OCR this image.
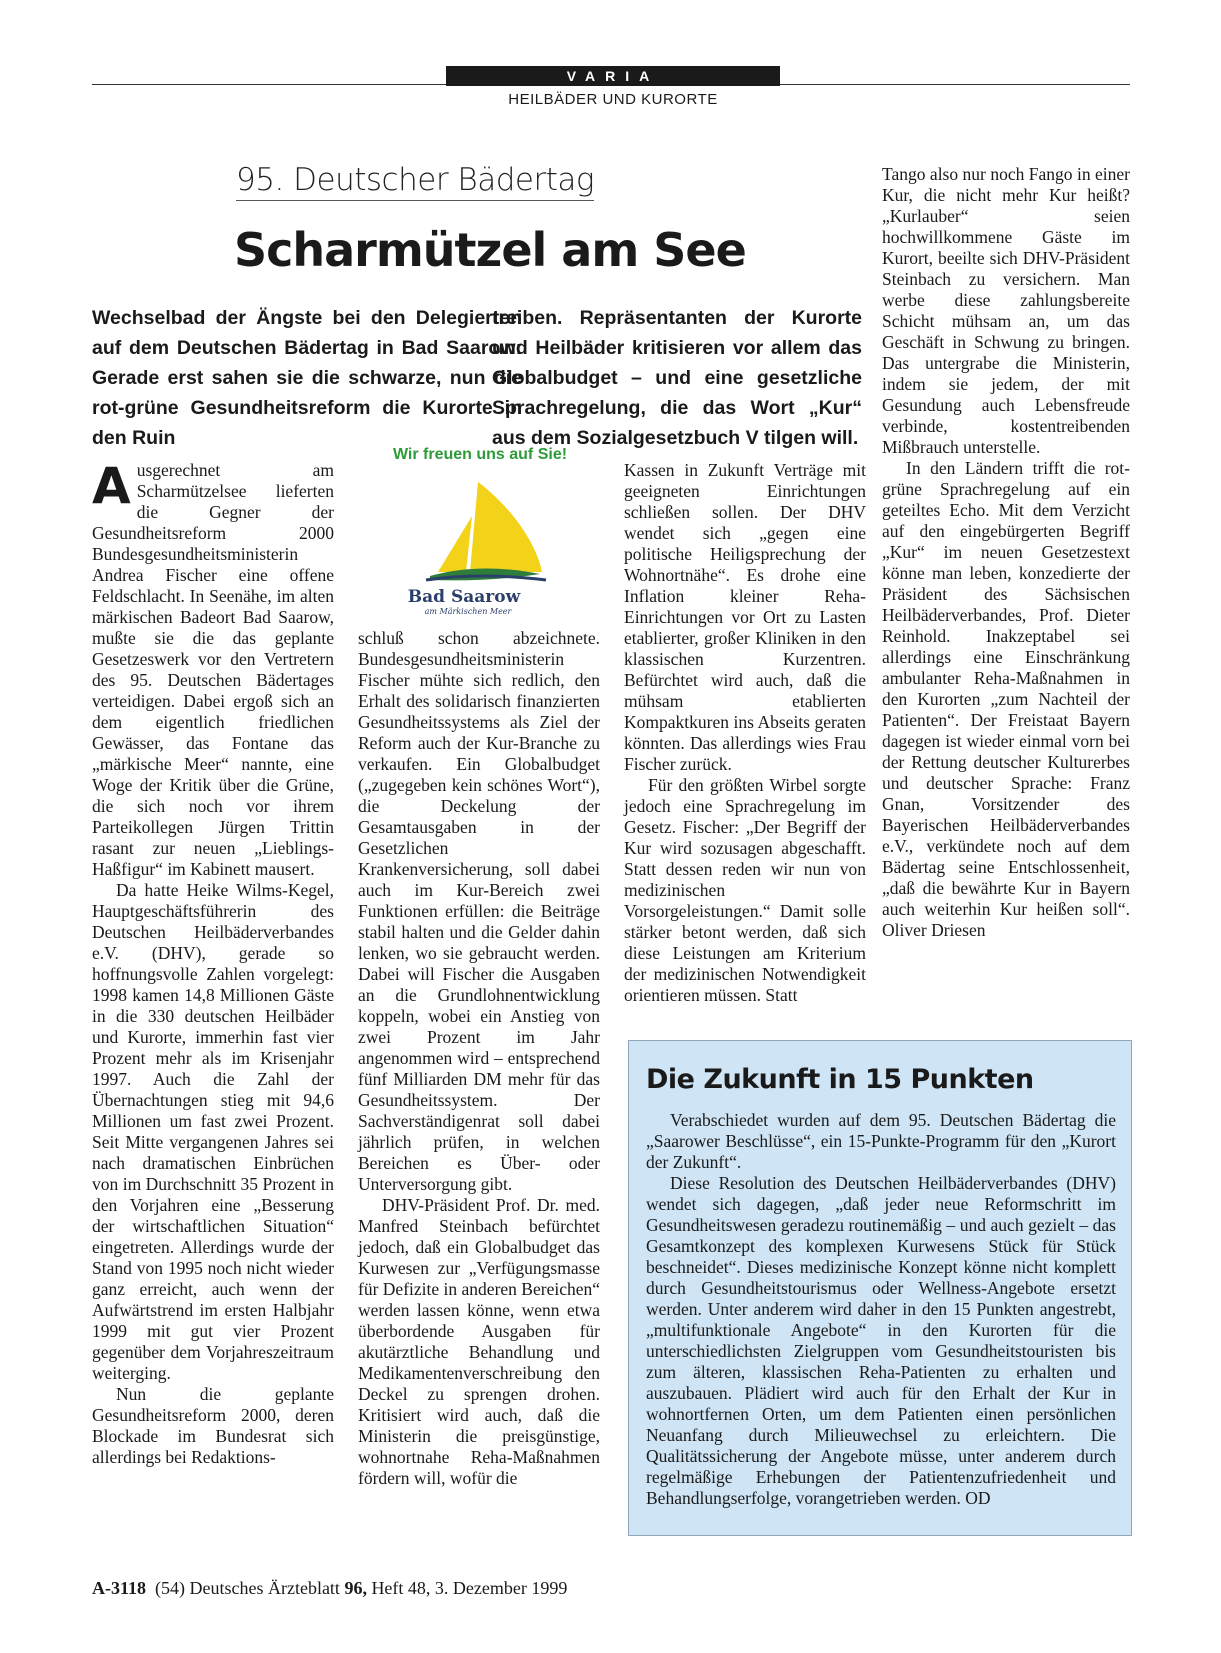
VARIA
HEILBÄDER UND KURORTE
95. Deutscher Bädertag
Scharmützel am See
Wechselbad der Ängste bei den Delegierten auf dem Deutschen Bädertag in Bad Saarow: Gerade erst sahen sie die schwarze, nun die rot-grüne Gesundheitsreform die Kurorte in den Ruin
treiben. Repräsentanten der Kurorte und Heilbäder kritisieren vor allem das Globalbudget – und eine gesetzliche Sprachregelung, die das Wort „Kur“ aus dem Sozialgesetzbuch V tilgen will.

Ausgerechnet am Scharmützelsee lieferten die Gegner der Gesundheitsreform 2000 Bundesgesundheitsministerin Andrea Fischer eine offene Feldschlacht. In Seenähe, im alten märkischen Badeort Bad Saarow, mußte sie die das geplante Gesetzeswerk vor den Vertretern des 95. Deutschen Bädertages verteidigen. Dabei ergoß sich an dem eigentlich friedlichen Gewässer, das Fontane das „märkische Meer“ nannte, eine Woge der Kritik über die Grüne, die sich noch vor ihrem Parteikollegen Jürgen Trittin rasant zur neuen „Lieblings-Haßfigur“ im Kabinett mausert.

Da hatte Heike Wilms-Kegel, Hauptgeschäftsführerin des Deutschen Heilbäderverbandes e.V. (DHV), gerade so hoffnungsvolle Zahlen vorgelegt: 1998 kamen 14,8 Millionen Gäste in die 330 deutschen Heilbäder und Kurorte, immerhin fast vier Prozent mehr als im Krisenjahr 1997. Auch die Zahl der Übernachtungen stieg mit 94,6 Millionen um fast zwei Prozent. Seit Mitte vergangenen Jahres sei nach dramatischen Einbrüchen von im Durchschnitt 35 Prozent in den Vorjahren eine „Besserung der wirtschaftlichen Situation“ eingetreten. Allerdings wurde der Stand von 1995 noch nicht wieder ganz erreicht, auch wenn der Aufwärtstrend im ersten Halbjahr 1999 mit gut vier Prozent gegenüber dem Vorjahreszeitraum weiterging.

Nun die geplante Gesundheitsreform 2000, deren Blockade im Bundesrat sich allerdings bei Redaktions-

Wir freuen uns auf Sie!
Bad Saarow
am Märkischen Meer

schluß schon abzeichnete. Bundesgesundheitsministerin Fischer mühte sich redlich, den Erhalt des solidarisch finanzierten Gesundheitssystems als Ziel der Reform auch der Kur-Branche zu verkaufen. Ein Globalbudget („zugegeben kein schönes Wort“), die Deckelung der Gesamtausgaben in der Gesetzlichen Krankenversicherung, soll dabei auch im Kur-Bereich zwei Funktionen erfüllen: die Beiträge stabil halten und die Gelder dahin lenken, wo sie gebraucht werden. Dabei will Fischer die Ausgaben an die Grundlohnentwicklung koppeln, wobei ein Anstieg von zwei Prozent im Jahr angenommen wird – entsprechend fünf Milliarden DM mehr für das Gesundheitssystem. Der Sachverständigenrat soll dabei jährlich prüfen, in welchen Bereichen es Über- oder Unterversorgung gibt.

DHV-Präsident Prof. Dr. med. Manfred Steinbach befürchtet jedoch, daß ein Globalbudget das Kurwesen zur „Verfügungsmasse für Defizite in anderen Bereichen“ werden lassen könne, wenn etwa überbordende Ausgaben für akutärztliche Behandlung und Medikamentenverschreibung den Deckel zu sprengen drohen. Kritisiert wird auch, daß die Ministerin die preisgünstige, wohnortnahe Reha-Maßnahmen fördern will, wofür die

Kassen in Zukunft Verträge mit geeigneten Einrichtungen schließen sollen. Der DHV wendet sich „gegen eine politische Heiligsprechung der Wohnortnähe“. Es drohe eine Inflation kleiner Reha-Einrichtungen vor Ort zu Lasten etablierter, großer Kliniken in den klassischen Kurzentren. Befürchtet wird auch, daß die mühsam etablierten Kompaktkuren ins Abseits geraten könnten. Das allerdings wies Frau Fischer zurück.

Für den größten Wirbel sorgte jedoch eine Sprachregelung im Gesetz. Fischer: „Der Begriff der Kur wird sozusagen abgeschafft. Statt dessen reden wir nun von medizinischen Vorsorgeleistungen.“ Damit solle stärker betont werden, daß sich diese Leistungen am Kriterium der medizinischen Notwendigkeit orientieren müssen. Statt

Tango also nur noch Fango in einer Kur, die nicht mehr Kur heißt? „Kurlauber“ seien hochwillkommene Gäste im Kurort, beeilte sich DHV-Präsident Steinbach zu versichern. Man werbe diese zahlungsbereite Schicht mühsam an, um das Geschäft in Schwung zu bringen. Das untergrabe die Ministerin, indem sie jedem, der mit Gesundung auch Lebensfreude verbinde, kostentreibenden Mißbrauch unterstelle.

In den Ländern trifft die rot-grüne Sprachregelung auf ein geteiltes Echo. Mit dem Verzicht auf den eingebürgerten Begriff „Kur“ im neuen Gesetzestext könne man leben, konzedierte der Präsident des Sächsischen Heilbäderverbandes, Prof. Dieter Reinhold. Inakzeptabel sei allerdings eine Einschränkung ambulanter Reha-Maßnahmen in den Kurorten „zum Nachteil der Patienten“. Der Freistaat Bayern dagegen ist wieder einmal vorn bei der Rettung deutscher Kulturerbes und deutscher Sprache: Franz Gnan, Vorsitzender des Bayerischen Heilbäderverbandes e.V., verkündete noch auf dem Bädertag seine Entschlossenheit, „daß die bewährte Kur in Bayern auch weiterhin Kur heißen soll“. Oliver Driesen

Die Zukunft in 15 Punkten

Verabschiedet wurden auf dem 95. Deutschen Bädertag die „Saarower Beschlüsse“, ein 15-Punkte-Programm für den „Kurort der Zukunft“.

Diese Resolution des Deutschen Heilbäderverbandes (DHV) wendet sich dagegen, „daß jeder neue Reformschritt im Gesundheitswesen geradezu routinemäßig – und auch gezielt – das Gesamtkonzept des komplexen Kurwesens Stück für Stück beschneidet“. Dieses medizinische Konzept könne nicht komplett durch Gesundheitstourismus oder Wellness-Angebote ersetzt werden. Unter anderem wird daher in den 15 Punkten angestrebt, „multifunktionale Angebote“ in den Kurorten für die unterschiedlichsten Zielgruppen vom Gesundheitstouristen bis zum älteren, klassischen Reha-Patienten zu erhalten und auszubauen. Plädiert wird auch für den Erhalt der Kur in wohnortfernen Orten, um dem Patienten einen persönlichen Neuanfang durch Milieuwechsel zu erleichtern. Die Qualitätssicherung der Angebote müsse, unter anderem durch regelmäßige Erhebungen der Patientenzufriedenheit und Behandlungserfolge, vorangetrieben werden. OD

A-3118 (54) Deutsches Ärzteblatt 96, Heft 48, 3. Dezember 1999
